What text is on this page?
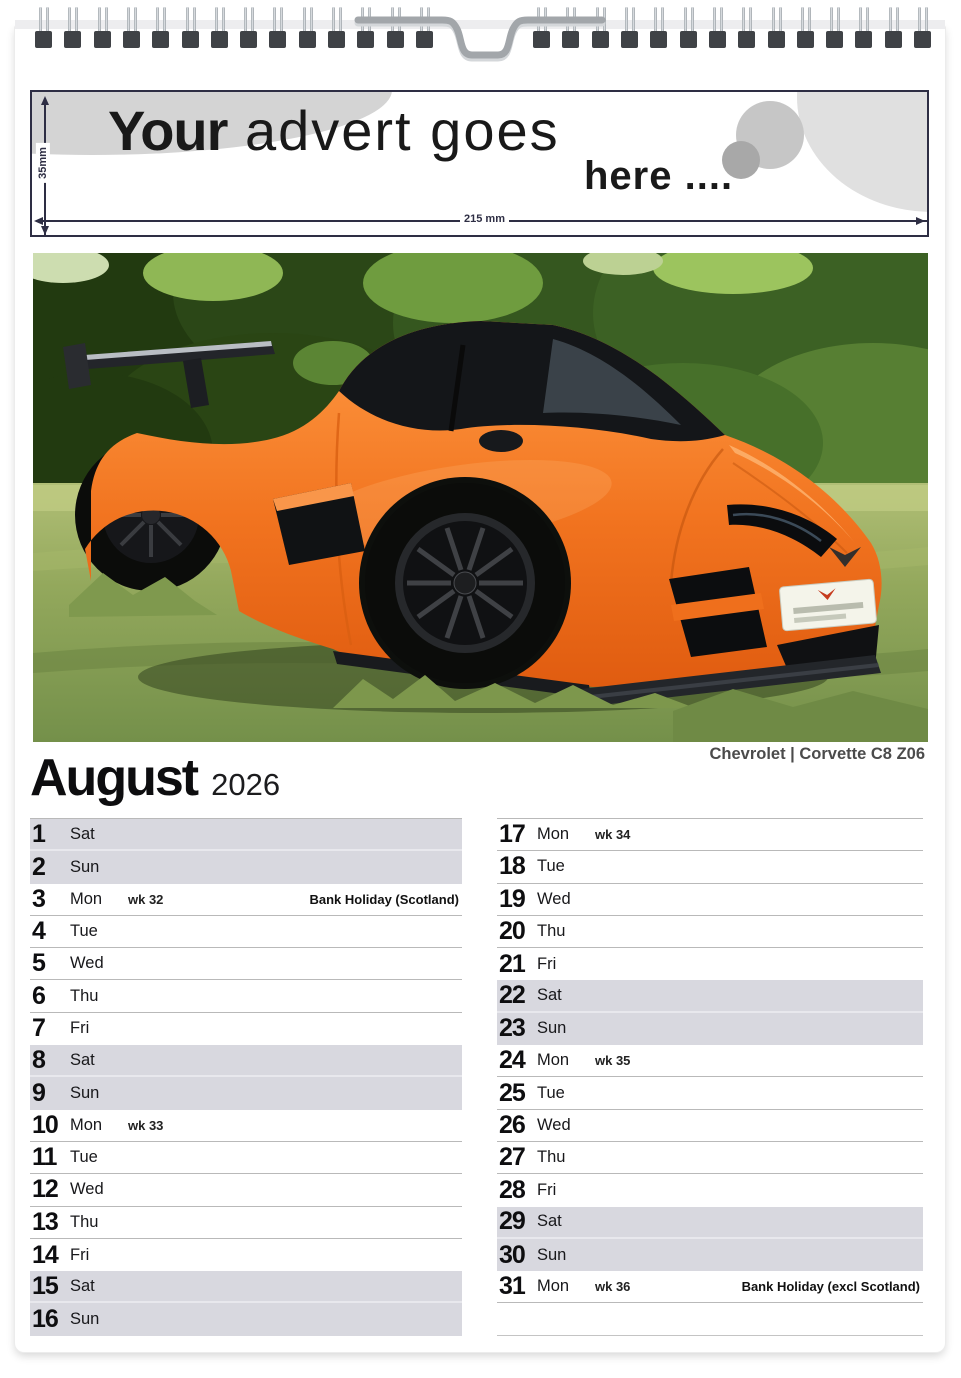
Your advert goes
here ....
35mm
215 mm
Chevrolet | Corvette C8 Z06
August 2026
1	Sat
2	Sun
3	Mon	wk 32	Bank Holiday (Scotland)
4	Tue
5	Wed
6	Thu
7	Fri
8	Sat
9	Sun
10 Mon	wk 33
11 Tue
12 Wed
13 Thu
14 Fri
15 Sat
16 Sun
17 Mon	wk 34
18 Tue
19 Wed
20 Thu
21 Fri
22 Sat
23 Sun
24 Mon	wk 35
25 Tue
26 Wed
27 Thu
28 Fri
29 Sat
30 Sun
31 Mon	wk 36	Bank Holiday (excl Scotland)
